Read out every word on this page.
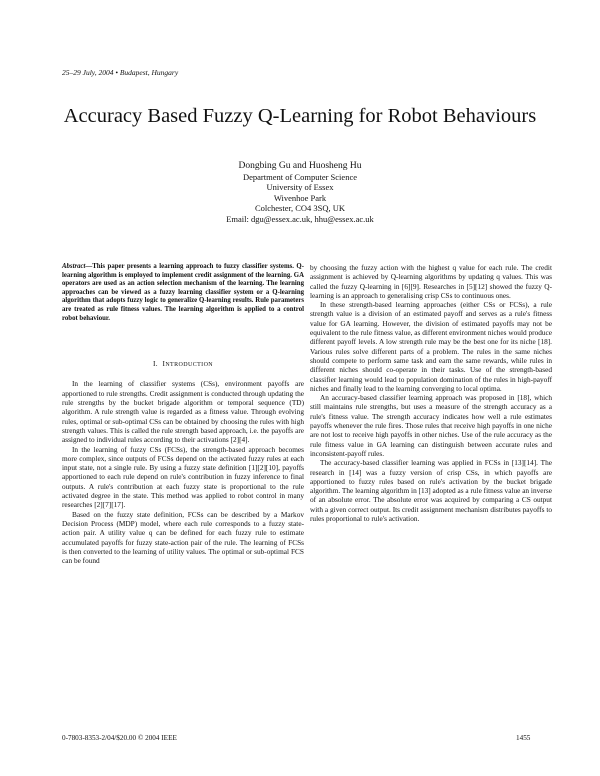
25–29 July, 2004 • Budapest, Hungary
Accuracy Based Fuzzy Q-Learning for Robot Behaviours
Dongbing Gu and Huosheng Hu
Department of Computer Science
University of Essex
Wivenhoe Park
Colchester, CO4 3SQ, UK
Email: dgu@essex.ac.uk, hhu@essex.ac.uk

Abstract—This paper presents a learning approach to fuzzy classifier systems. Q-learning algorithm is employed to implement credit assignment of the learning. GA operators are used as an action selection mechanism of the learning. The learning approaches can be viewed as a fuzzy learning classifier system or a Q-learning algorithm that adopts fuzzy logic to generalize Q-learning results. Rule parameters are treated as rule fitness values. The learning algorithm is applied to a control robot behaviour.

I. INTRODUCTION

In the learning of classifier systems (CSs), environment payoffs are apportioned to rule strengths. Credit assignment is conducted through updating the rule strengths by the bucket brigade algorithm or temporal sequence (TD) algorithm. A rule strength value is regarded as a fitness value. Through evolving rules, optimal or sub-optimal CSs can be obtained by choosing the rules with high strength values. This is called the rule strength based approach, i.e. the payoffs are assigned to individual rules according to their activations [2][4].

In the learning of fuzzy CSs (FCSs), the strength-based approach becomes more complex, since outputs of FCSs depend on the activated fuzzy rules at each input state, not a single rule. By using a fuzzy state definition [1][2][10], payoffs apportioned to each rule depend on rule's contribution in fuzzy inference to final outputs. A rule's contribution at each fuzzy state is proportional to the rule activated degree in the state. This method was applied to robot control in many researches [2][7][17].

Based on the fuzzy state definition, FCSs can be described by a Markov Decision Process (MDP) model, where each rule corresponds to a fuzzy state-action pair. A utility value q can be defined for each fuzzy rule to estimate accumulated payoffs for fuzzy state-action pair of the rule. The learning of FCSs is then converted to the learning of utility values. The optimal or sub-optimal FCS can be found

by choosing the fuzzy action with the highest q value for each rule. The credit assignment is achieved by Q-learning algorithms by updating q values. This was called the fuzzy Q-learning in [6][9]. Researches in [5][12] showed the fuzzy Q-learning is an approach to generalising crisp CSs to continuous ones.

In these strength-based learning approaches (either CSs or FCSs), a rule strength value is a division of an estimated payoff and serves as a rule's fitness value for GA learning. However, the division of estimated payoffs may not be equivalent to the rule fitness value, as different environment niches would produce different payoff levels. A low strength rule may be the best one for its niche [18]. Various rules solve different parts of a problem. The rules in the same niches should compete to perform same task and earn the same rewards, while rules in different niches should co-operate in their tasks. Use of the strength-based classifier learning would lead to population domination of the rules in high-payoff niches and finally lead to the learning converging to local optima.

An accuracy-based classifier learning approach was proposed in [18], which still maintains rule strengths, but uses a measure of the strength accuracy as a rule's fitness value. The strength accuracy indicates how well a rule estimates payoffs whenever the rule fires. Those rules that receive high payoffs in one niche are not lost to receive high payoffs in other niches. Use of the rule accuracy as the rule fitness value in GA learning can distinguish between accurate rules and inconsistent-payoff rules.

The accuracy-based classifier learning was applied in FCSs in [13][14]. The research in [14] was a fuzzy version of crisp CSs, in which payoffs are apportioned to fuzzy rules based on rule's activation by the bucket brigade algorithm. The learning algorithm in [13] adopted as a rule fitness value an inverse of an absolute error. The absolute error was acquired by comparing a CS output with a given correct output. Its credit assignment mechanism distributes payoffs to rules proportional to rule's activation.

0-7803-8353-2/04/$20.00 © 2004 IEEE	1455
